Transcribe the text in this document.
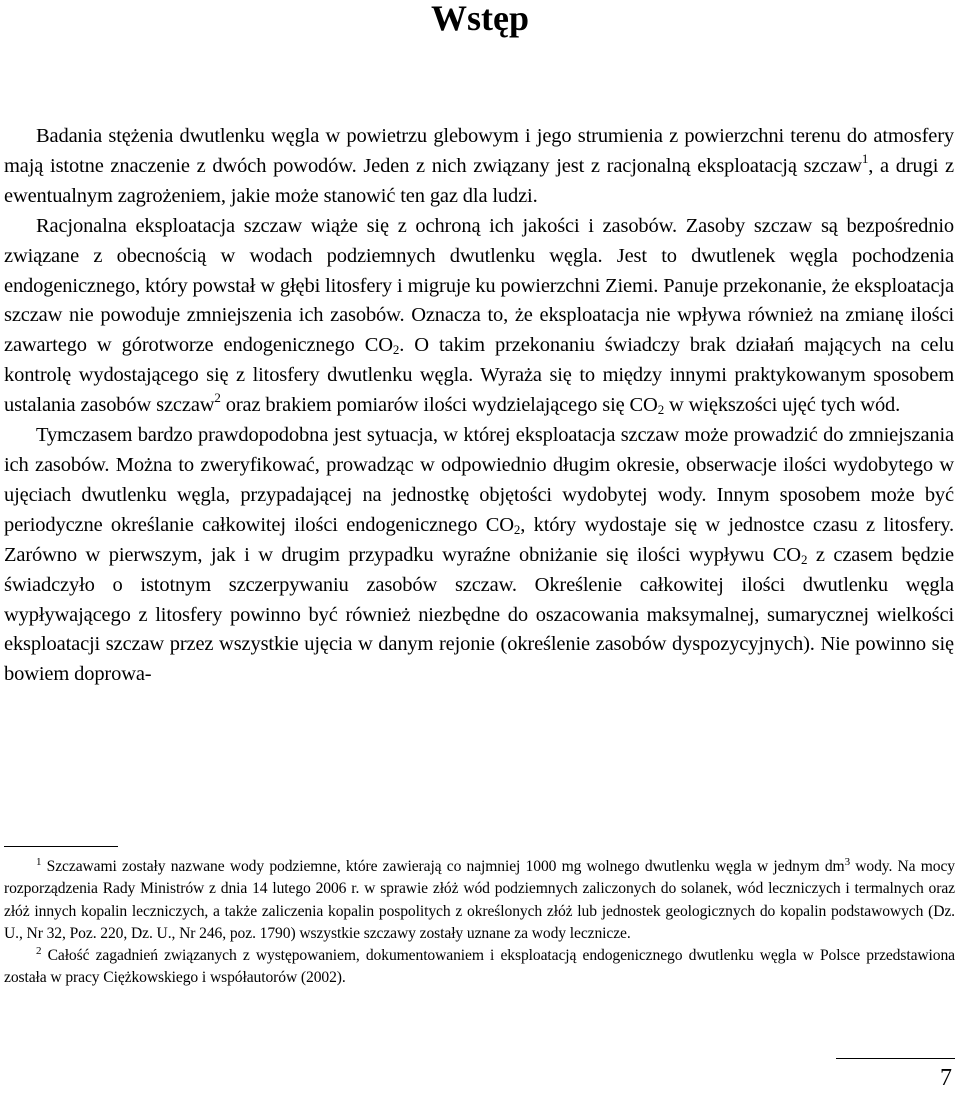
Wstęp

Badania stężenia dwutlenku węgla w powietrzu glebowym i jego strumienia z powierzchni terenu do atmosfery mają istotne znaczenie z dwóch powodów. Jeden z nich związany jest z racjonalną eksploatacją szczaw$^1$, a drugi z ewentualnym zagrożeniem, jakie może stanowić ten gaz dla ludzi.

Racjonalna eksploatacja szczaw wiąże się z ochroną ich jakości i zasobów. Zasoby szczaw są bezpośrednio związane z obecnością w wodach podziemnych dwutlenku węgla. Jest to dwutlenek węgla pochodzenia endogenicznego, który powstał w głębi litosfery i migruje ku powierzchni Ziemi. Panuje przekonanie, że eksploatacja szczaw nie powoduje zmniejszenia ich zasobów. Oznacza to, że eksploatacja nie wpływa również na zmianę ilości zawartego w górotworze endogenicznego $CO_2$. O takim przekonaniu świadczy brak działań mających na celu kontrolę wydostającego się z litosfery dwutlenku węgla. Wyraża się to między innymi praktykowanym sposobem ustalania zasobów szczaw$^2$ oraz brakiem pomiarów ilości wydzielającego się $CO_2$ w większości ujęć tych wód.

Tymczasem bardzo prawdopodobna jest sytuacja, w której eksploatacja szczaw może prowadzić do zmniejszania ich zasobów. Można to zweryfikować, prowadząc w odpowiednio długim okresie, obserwacje ilości wydobytego w ujęciach dwutlenku węgla, przypadającej na jednostkę objętości wydobytej wody. Innym sposobem może być periodyczne określanie całkowitej ilości endogenicznego $CO_2$, który wydostaje się w jednostce czasu z litosfery. Zarówno w pierwszym, jak i w drugim przypadku wyraźne obniżanie się ilości wypływu $CO_2$ z czasem będzie świadczyło o istotnym szczerpywaniu zasobów szczaw. Określenie całkowitej ilości dwutlenku węgla wypływającego z litosfery powinno być również niezbędne do oszacowania maksymalnej, sumarycznej wielkości eksploatacji szczaw przez wszystkie ujęcia w danym rejonie (określenie zasobów dyspozycyjnych). Nie powinno się bowiem doprowa-

$^1$ Szczawami zostały nazwane wody podziemne, które zawierają co najmniej 1000 mg wolnego dwutlenku węgla w jednym $dm^3$ wody. Na mocy rozporządzenia Rady Ministrów z dnia 14 lutego 2006 r. w sprawie złóż wód podziemnych zaliczonych do solanek, wód leczniczych i termalnych oraz złóż innych kopalin leczniczych, a także zaliczenia kopalin pospolitych z określonych złóż lub jednostek geologicznych do kopalin podstawowych (Dz. U., Nr 32, Poz. 220, Dz. U., Nr 246, poz. 1790) wszystkie szczawy zostały uznane za wody lecznicze.

$^2$ Całość zagadnień związanych z występowaniem, dokumentowaniem i eksploatacją endogenicznego dwutlenku węgla w Polsce przedstawiona została w pracy Ciężkowskiego i współautorów (2002).

7
